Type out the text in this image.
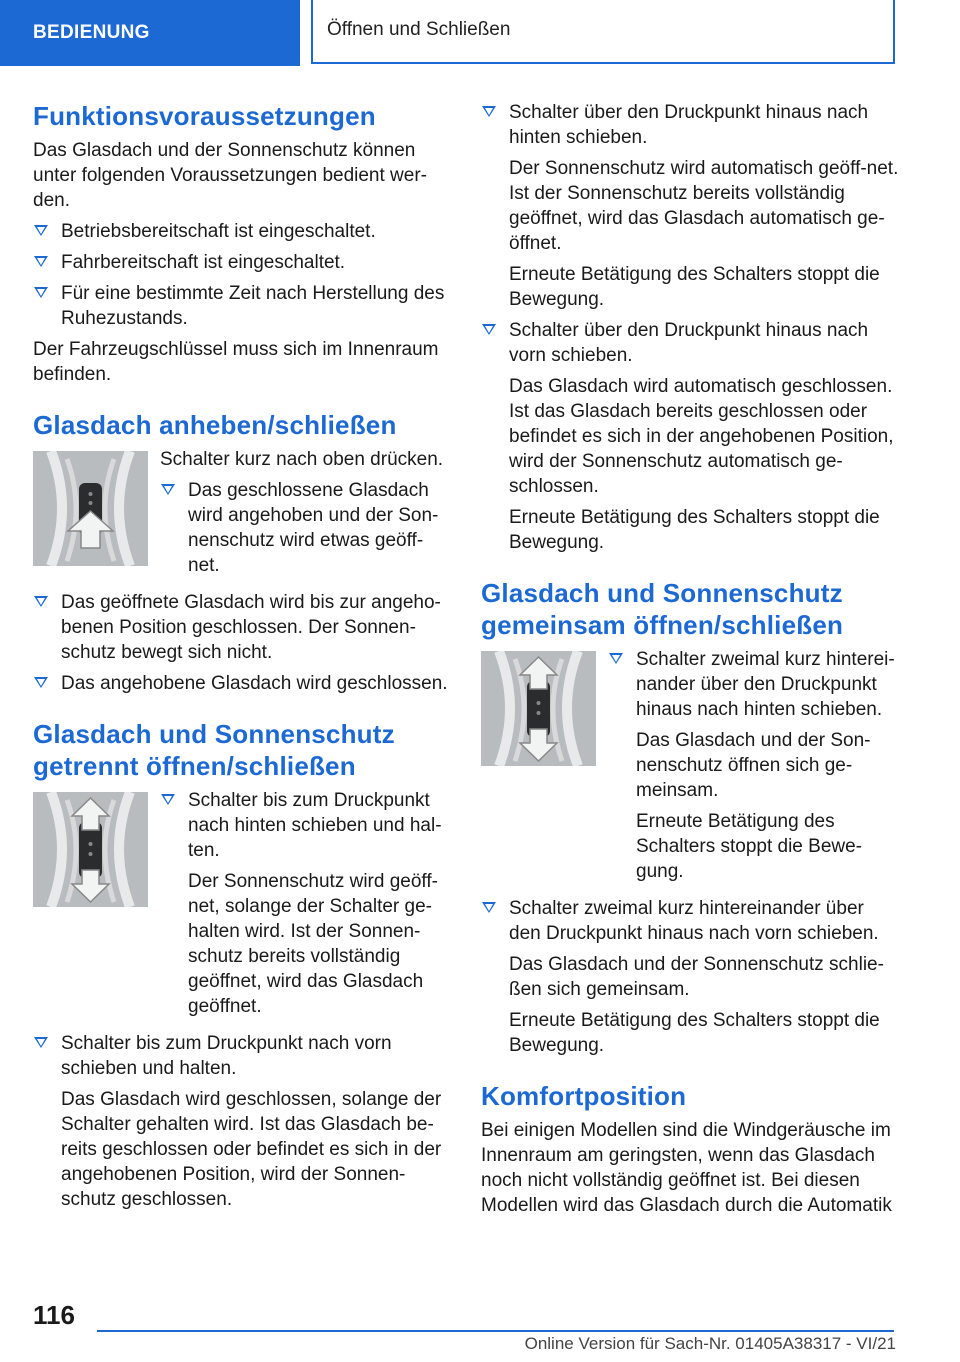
BEDIENUNG	Öffnen und Schließen
Funktionsvoraussetzungen

Das Glasdach und der Sonnenschutz können unter folgenden Voraussetzungen bedient wer-den.

Betriebsbereitschaft ist eingeschaltet.

Fahrbereitschaft ist eingeschaltet.

Für eine bestimmte Zeit nach Herstellung des Ruhezustands.

Der Fahrzeugschlüssel muss sich im Innenraum befinden.

Glasdach anheben/schließen

Schalter kurz nach oben drücken.

Das geschlossene Glasdach wird angehoben und der Son-nenschutz wird etwas geöff-net.

Das geöffnete Glasdach wird bis zur angeho-benen Position geschlossen. Der Sonnen-schutz bewegt sich nicht.

Das angehobene Glasdach wird geschlossen.

Glasdach und Sonnenschutz getrennt öffnen/schließen

Schalter bis zum Druckpunkt nach hinten schieben und hal-ten.

Der Sonnenschutz wird geöff-net, solange der Schalter ge-halten wird. Ist der Sonnen-schutz bereits vollständig geöffnet, wird das Glasdach geöffnet.

Schalter bis zum Druckpunkt nach vorn schieben und halten.

Das Glasdach wird geschlossen, solange der Schalter gehalten wird. Ist das Glasdach be-reits geschlossen oder befindet es sich in der angehobenen Position, wird der Sonnen-schutz geschlossen.

Schalter über den Druckpunkt hinaus nach hinten schieben.

Der Sonnenschutz wird automatisch geöff-net. Ist der Sonnenschutz bereits vollständig geöffnet, wird das Glasdach automatisch ge-öffnet.

Erneute Betätigung des Schalters stoppt die Bewegung.

Schalter über den Druckpunkt hinaus nach vorn schieben.

Das Glasdach wird automatisch geschlossen. Ist das Glasdach bereits geschlossen oder befindet es sich in der angehobenen Position, wird der Sonnenschutz automatisch ge-schlossen.

Erneute Betätigung des Schalters stoppt die Bewegung.

Glasdach und Sonnenschutz gemeinsam öffnen/schließen

Schalter zweimal kurz hinterei-nander über den Druckpunkt hinaus nach hinten schieben.

Das Glasdach und der Son-nenschutz öffnen sich ge-meinsam.

Erneute Betätigung des Schalters stoppt die Bewe-gung.

Schalter zweimal kurz hintereinander über den Druckpunkt hinaus nach vorn schieben.

Das Glasdach und der Sonnenschutz schlie-ßen sich gemeinsam.

Erneute Betätigung des Schalters stoppt die Bewegung.

Komfortposition

Bei einigen Modellen sind die Windgeräusche im Innenraum am geringsten, wenn das Glasdach noch nicht vollständig geöffnet ist. Bei diesen Modellen wird das Glasdach durch die Automatik

116
Online Version für Sach-Nr. 01405A38317 - VI/21
